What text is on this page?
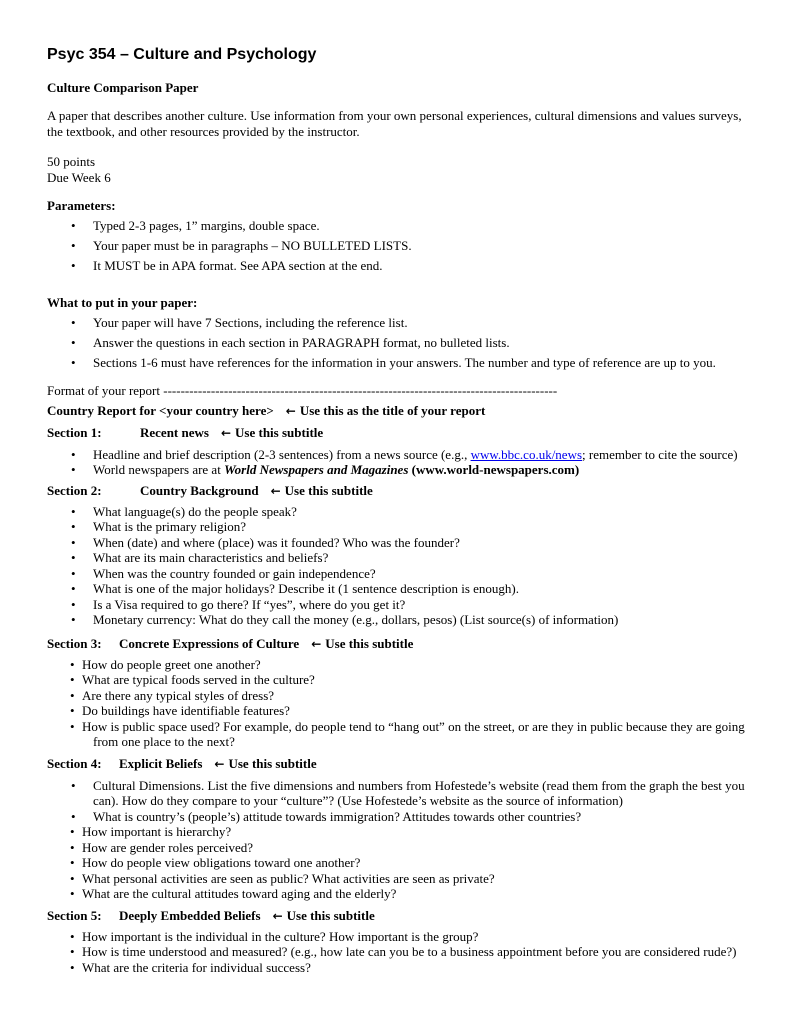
Psyc 354 – Culture and Psychology

Culture Comparison Paper

A paper that describes another culture. Use information from your own personal experiences, cultural dimensions and values surveys, the textbook, and other resources provided by the instructor.

50 points
Due Week 6
Parameters:
• Typed 2-3 pages, 1” margins, double space.
• Your paper must be in paragraphs – NO BULLETED LISTS.
• It MUST be in APA format. See APA section at the end.
What to put in your paper:
• Your paper will have 7 Sections, including the reference list.
• Answer the questions in each section in PARAGRAPH format, no bulleted lists.
• Sections 1-6 must have references for the information in your answers. The number and type of reference are up to you.
Format of your report -------------------------------------------------------------------------------------------
Country Report for <your country here> ← Use this as the title of your report
Section 1:	Recent news ← Use this subtitle
• Headline and brief description (2-3 sentences) from a news source (e.g., www.bbc.co.uk/news; remember to cite the source)
• World newspapers are at World Newspapers and Magazines (www.world-newspapers.com)
Section 2:	Country Background ← Use this subtitle
• What language(s) do the people speak?
• What is the primary religion?
• When (date) and where (place) was it founded? Who was the founder?
• What are its main characteristics and beliefs?
• When was the country founded or gain independence?
• What is one of the major holidays? Describe it (1 sentence description is enough).
• Is a Visa required to go there? If “yes”, where do you get it?
• Monetary currency: What do they call the money (e.g., dollars, pesos) (List source(s) of information)
Section 3: Concrete Expressions of Culture ← Use this subtitle
• How do people greet one another?
• What are typical foods served in the culture?
• Are there any typical styles of dress?
• Do buildings have identifiable features?
• How is public space used? For example, do people tend to “hang out” on the street, or are they in public because they are going
from one place to the next?
Section 4: Explicit Beliefs ← Use this subtitle
• Cultural Dimensions. List the five dimensions and numbers from Hofestede’s website (read them from the graph the best you
can). How do they compare to your “culture”? (Use Hofestede’s website as the source of information)
• What is country’s (people’s) attitude towards immigration? Attitudes towards other countries?
• How important is hierarchy?
• How are gender roles perceived?
• How do people view obligations toward one another?
• What personal activities are seen as public? What activities are seen as private?
• What are the cultural attitudes toward aging and the elderly?
Section 5: Deeply Embedded Beliefs ← Use this subtitle
• How important is the individual in the culture? How important is the group?
• How is time understood and measured? (e.g., how late can you be to a business appointment before you are considered rude?)
• What are the criteria for individual success?
